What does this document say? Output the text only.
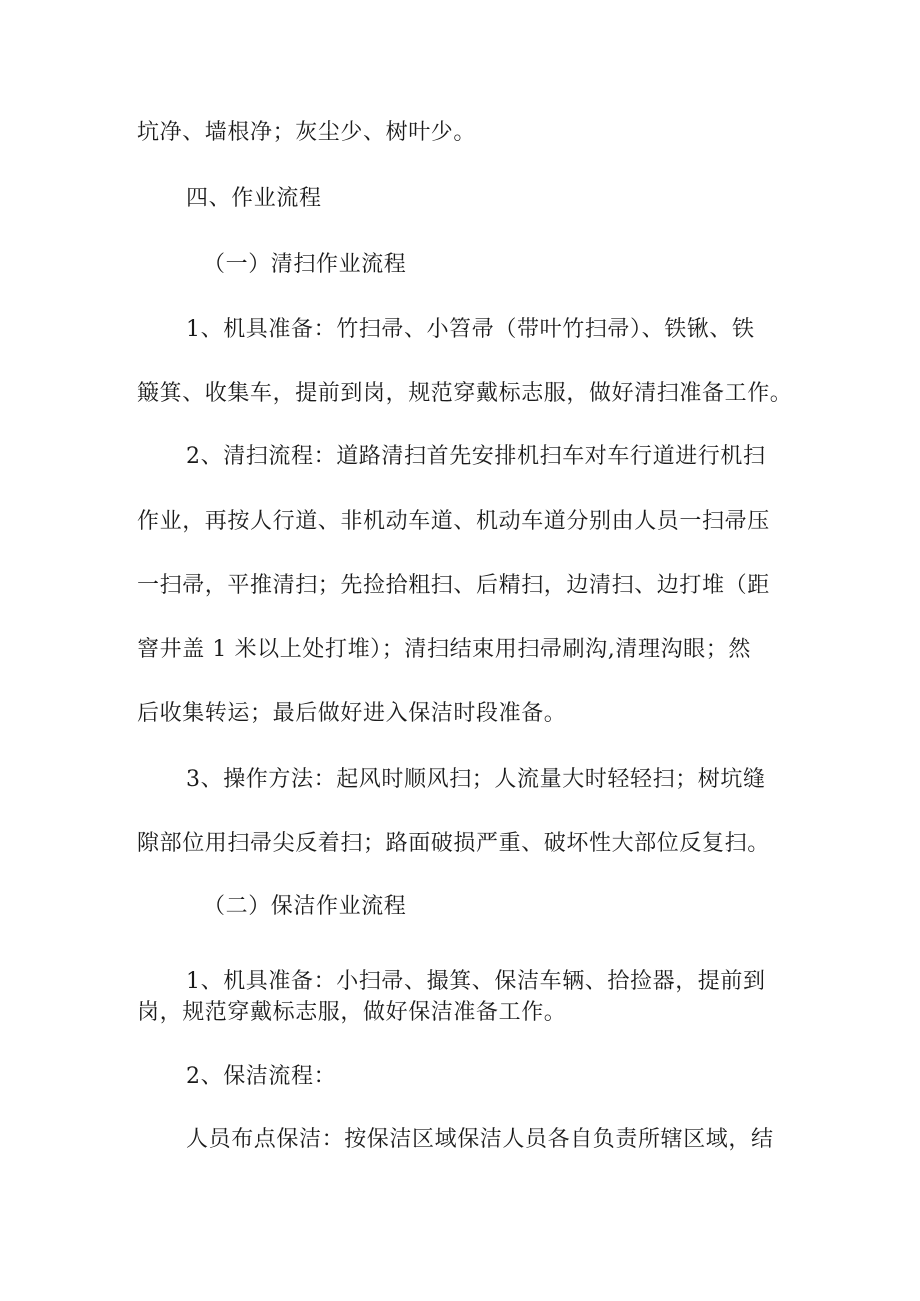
坑净、墙根净；灰尘少、树叶少。
四、作业流程
（一）清扫作业流程
1、机具准备：竹扫帚、小笤帚（带叶竹扫帚）、铁锹、铁
簸箕、收集车，提前到岗，规范穿戴标志服，做好清扫准备工作。
2、清扫流程：道路清扫首先安排机扫车对车行道进行机扫
作业，再按人行道、非机动车道、机动车道分别由人员一扫帚压
一扫帚，平推清扫；先捡拾粗扫、后精扫，边清扫、边打堆（距
窨井盖 1 米以上处打堆）；清扫结束用扫帚刷沟,清理沟眼；然
后收集转运；最后做好进入保洁时段准备。
3、操作方法：起风时顺风扫；人流量大时轻轻扫；树坑缝
隙部位用扫帚尖反着扫；路面破损严重、破坏性大部位反复扫。
（二）保洁作业流程
1、机具准备：小扫帚、撮箕、保洁车辆、拾捡器，提前到
岗，规范穿戴标志服，做好保洁准备工作。
2、保洁流程：
人员布点保洁：按保洁区域保洁人员各自负责所辖区域，结
